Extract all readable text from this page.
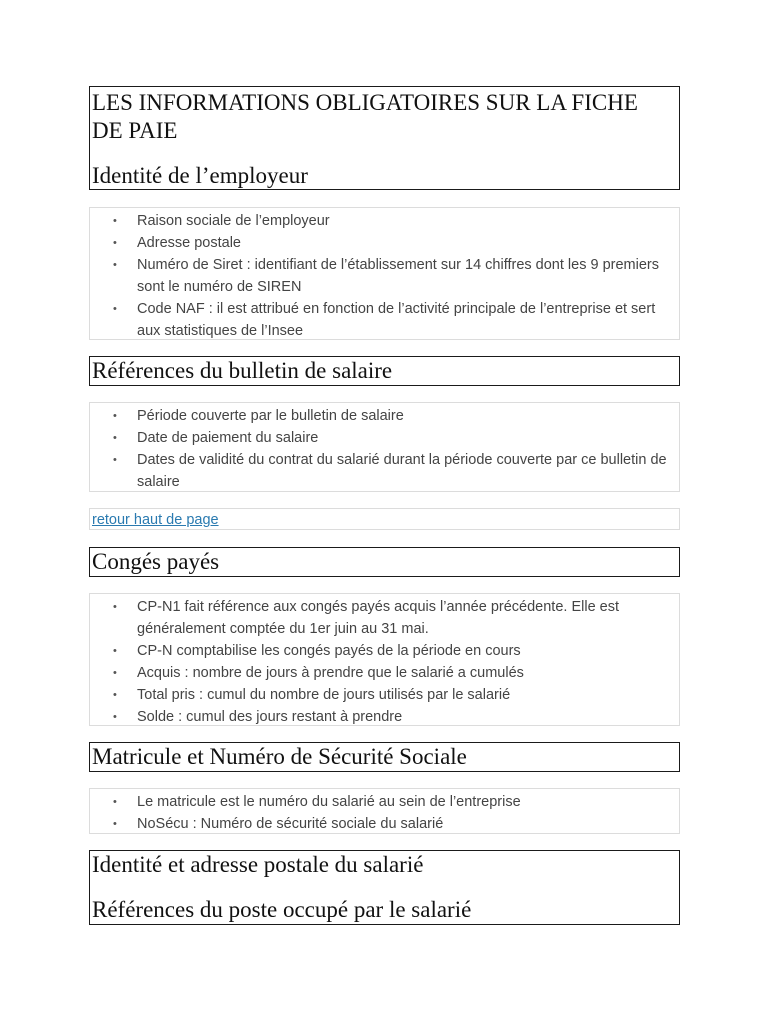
LES INFORMATIONS OBLIGATOIRES SUR LA FICHE DE PAIE
Identité de l’employeur
• Raison sociale de l’employeur
• Adresse postale
• Numéro de Siret : identifiant de l’établissement sur 14 chiffres dont les 9 premiers sont le numéro de SIREN
• Code NAF : il est attribué en fonction de l’activité principale de l’entreprise et sert aux statistiques de l’Insee
Références du bulletin de salaire
• Période couverte par le bulletin de salaire
• Date de paiement du salaire
• Dates de validité du contrat du salarié durant la période couverte par ce bulletin de salaire
retour haut de page
Congés payés
• CP-N1 fait référence aux congés payés acquis l’année précédente. Elle est généralement comptée du 1er juin au 31 mai.
• CP-N comptabilise les congés payés de la période en cours
• Acquis : nombre de jours à prendre que le salarié a cumulés
• Total pris : cumul du nombre de jours utilisés par le salarié
• Solde : cumul des jours restant à prendre
Matricule et Numéro de Sécurité Sociale
• Le matricule est le numéro du salarié au sein de l’entreprise
• NoSécu : Numéro de sécurité sociale du salarié
Identité et adresse postale du salarié
Références du poste occupé par le salarié
